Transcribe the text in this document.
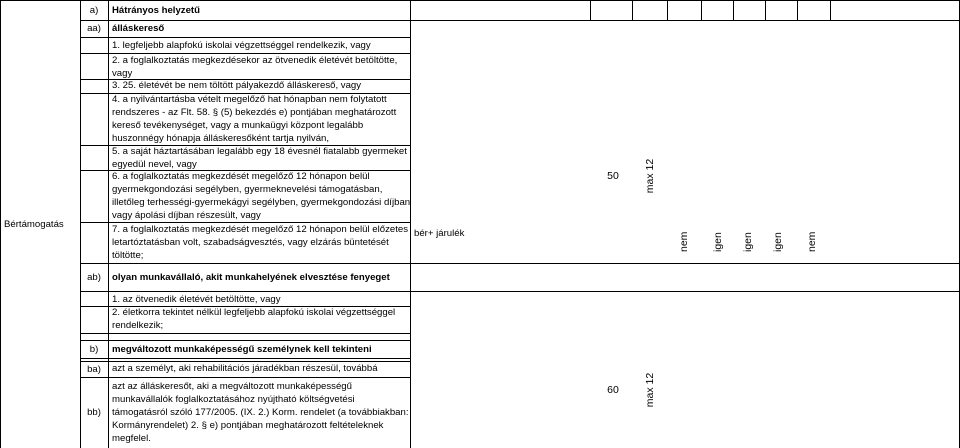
Bértámogatás
a)
aa)
ab)
b)
ba)
bb)
Hátrányos helyzetű
álláskereső
1. legfeljebb alapfokú iskolai végzettséggel rendelkezik, vagy
2. a foglalkoztatás megkezdésekor az ötvenedik életévét betöltötte,
vagy
3. 25. életévét be nem töltött pályakezdő álláskereső, vagy
4. a nyilvántartásba vételt megelőző hat hónapban nem folytatott
rendszeres - az Flt. 58. § (5) bekezdés e) pontjában meghatározott
kereső tevékenységet, vagy a munkaügyi központ legalább
huszonnégy hónapja álláskeresőként tartja nyilván,
5. a saját háztartásában legalább egy 18 évesnél fiatalabb gyermeket
egyedül nevel, vagy
6. a foglalkoztatás megkezdését megelőző 12 hónapon belül
gyermekgondozási segélyben, gyermeknevelési támogatásban,
illetőleg terhességi-gyermekágyi segélyben, gyermekgondozási díjban
vagy ápolási díjban részesült, vagy
7. a foglalkoztatás megkezdését megelőző 12 hónapon belül előzetes
letartóztatásban volt, szabadságvesztés, vagy elzárás büntetését
töltötte;
olyan munkavállaló, akit munkahelyének elvesztése fenyeget
1. az ötvenedik életévét betöltötte, vagy
2. életkorra tekintet nélkül legfeljebb alapfokú iskolai végzettséggel
rendelkezik;
megváltozott munkaképességű személynek kell tekinteni
azt a személyt, aki rehabilitációs járadékban részesül, továbbá
azt az álláskeresőt, aki a megváltozott munkaképességű
munkavállalók foglalkoztatásához nyújtható költségvetési
támogatásról szóló 177/2005. (IX. 2.) Korm. rendelet (a továbbiakban:
Kormányrendelet) 2. § e) pontjában meghatározott feltételeknek
megfelel.
bér+ járulék
50	max 12
nem igen igen igen nem
60	max 12
